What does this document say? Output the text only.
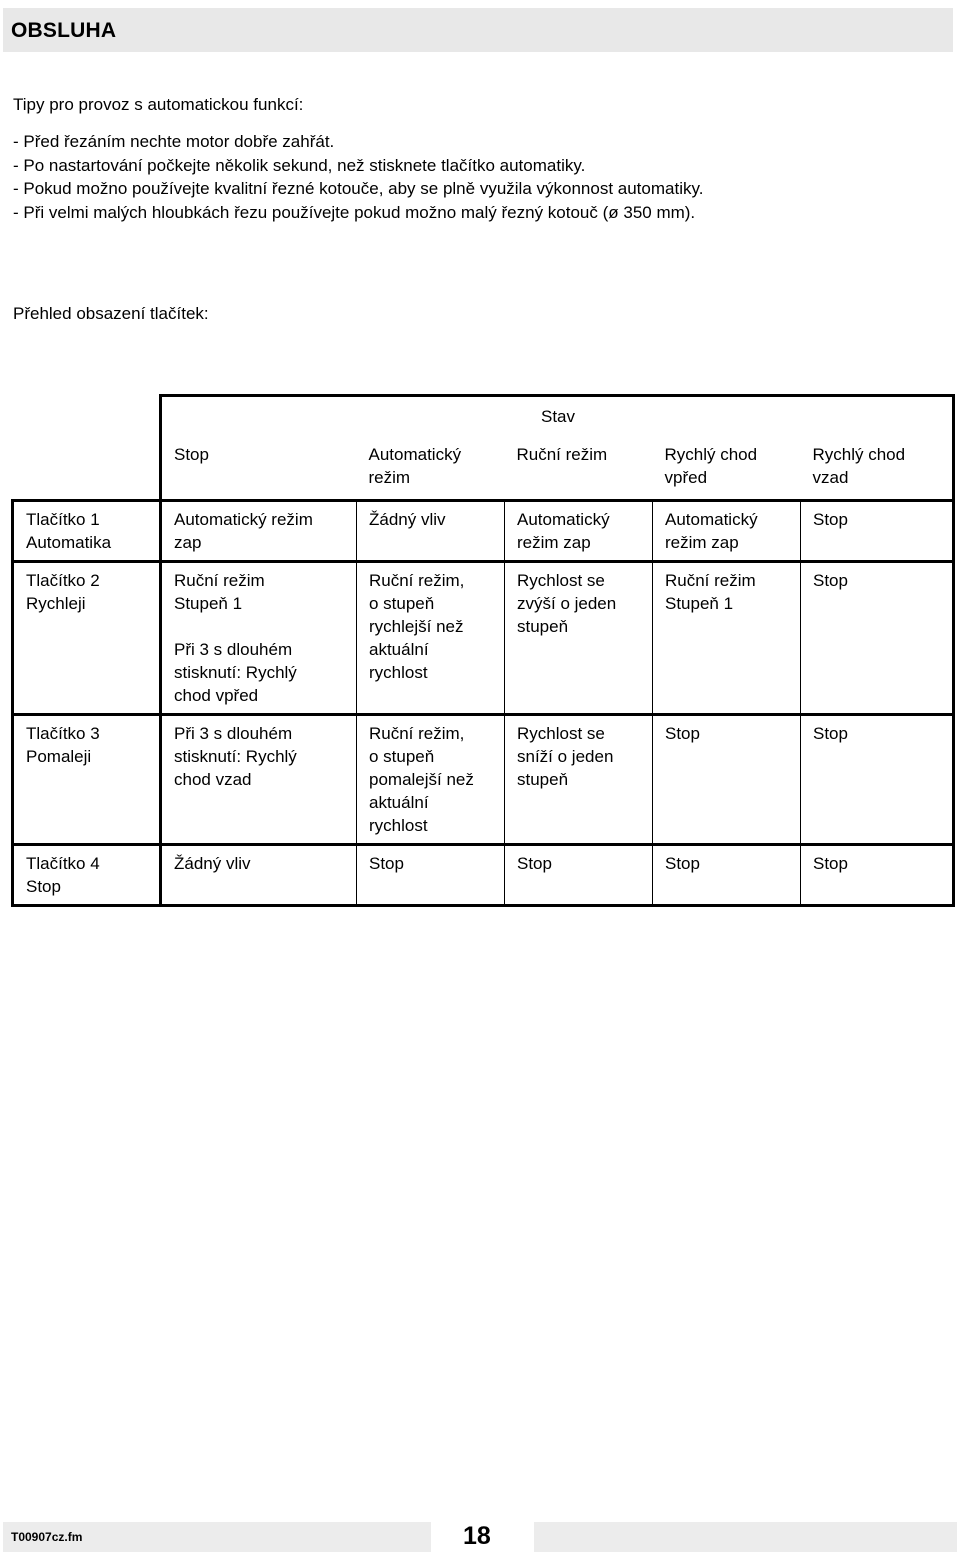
OBSLUHA
Tipy pro provoz s automatickou funkcí:
- Před řezáním nechte motor dobře zahřát.
- Po nastartování počkejte několik sekund, než stisknete tlačítko automatiky.
- Pokud možno používejte kvalitní řezné kotouče, aby se plně využila výkonnost automatiky.
- Při velmi malých hloubkách řezu používejte pokud možno malý řezný kotouč (ø 350 mm).
Přehled obsazení tlačítek:
	Stav				
	Stop	Automatický
režim	Ruční režim	Rychlý chod
vpřed	Rychlý chod
vzad
Tlačítko 1
Automatika	Automatický režim
zap	Žádný vliv	Automatický
režim zap	Automatický
režim zap	Stop
Tlačítko 2
Rychleji	Ruční režim
Stupeň 1

Při 3 s dlouhém
stisknutí: Rychlý
chod vpřed	Ruční režim,
o stupeň
rychlejší než
aktuální
rychlost	Rychlost se
zvýší o jeden
stupeň	Ruční režim
Stupeň 1	Stop
Tlačítko 3
Pomaleji	Při 3 s dlouhém
stisknutí: Rychlý
chod vzad	Ruční režim,
o stupeň
pomalejší než
aktuální
rychlost	Rychlost se
sníží o jeden
stupeň	Stop	Stop
Tlačítko 4
Stop	Žádný vliv	Stop	Stop	Stop	Stop
T00907cz.fm	18
